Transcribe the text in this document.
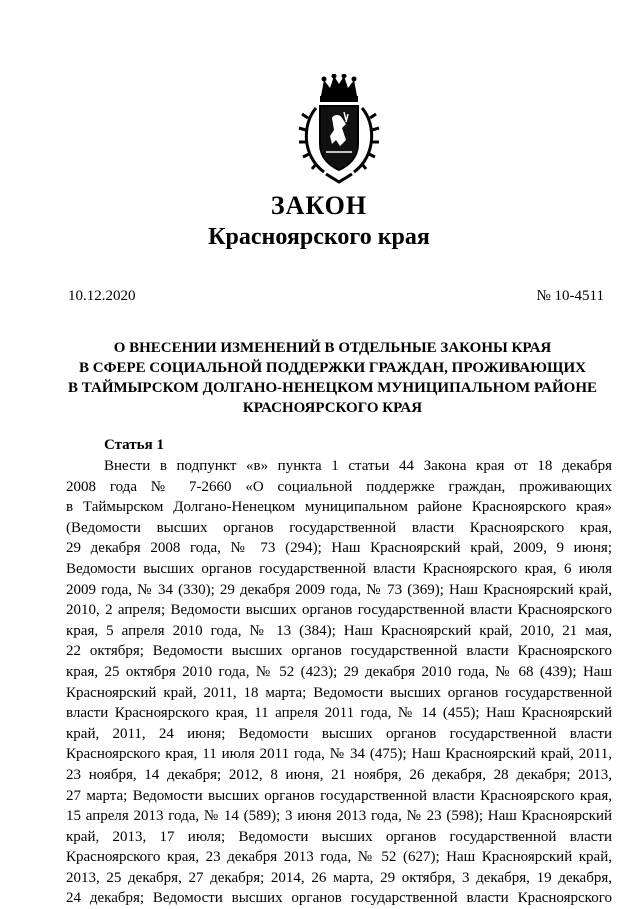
ЗАКОН
Красноярского края
10.12.2020	№ 10-4511
О ВНЕСЕНИИ ИЗМЕНЕНИЙ В ОТДЕЛЬНЫЕ ЗАКОНЫ КРАЯ
В СФЕРЕ СОЦИАЛЬНОЙ ПОДДЕРЖКИ ГРАЖДАН, ПРОЖИВАЮЩИХ
В ТАЙМЫРСКОМ ДОЛГАНО-НЕНЕЦКОМ МУНИЦИПАЛЬНОМ РАЙОНЕ
КРАСНОЯРСКОГО КРАЯ
Статья 1
Внести в подпункт «в» пункта 1 статьи 44 Закона края от 18 декабря
2008 года № 7-2660 «О социальной поддержке граждан, проживающих
в Таймырском Долгано-Ненецком муниципальном районе Красноярского края»
(Ведомости высших органов государственной власти Красноярского края,
29 декабря 2008 года, № 73 (294); Наш Красноярский край, 2009, 9 июня;
Ведомости высших органов государственной власти Красноярского края, 6 июля
2009 года, № 34 (330); 29 декабря 2009 года, № 73 (369); Наш Красноярский край,
2010, 2 апреля; Ведомости высших органов государственной власти Красноярского
края, 5 апреля 2010 года, № 13 (384); Наш Красноярский край, 2010, 21 мая,
22 октября; Ведомости высших органов государственной власти Красноярского
края, 25 октября 2010 года, № 52 (423); 29 декабря 2010 года, № 68 (439); Наш
Красноярский край, 2011, 18 марта; Ведомости высших органов государственной
власти Красноярского края, 11 апреля 2011 года, № 14 (455); Наш Красноярский
край, 2011, 24 июня; Ведомости высших органов государственной власти
Красноярского края, 11 июля 2011 года, № 34 (475); Наш Красноярский край, 2011,
23 ноября, 14 декабря; 2012, 8 июня, 21 ноября, 26 декабря, 28 декабря; 2013,
27 марта; Ведомости высших органов государственной власти Красноярского края,
15 апреля 2013 года, № 14 (589); 3 июня 2013 года, № 23 (598); Наш Красноярский
край, 2013, 17 июля; Ведомости высших органов государственной власти
Красноярского края, 23 декабря 2013 года, № 52 (627); Наш Красноярский край,
2013, 25 декабря, 27 декабря; 2014, 26 марта, 29 октября, 3 декабря, 19 декабря,
24 декабря; Ведомости высших органов государственной власти Красноярского
